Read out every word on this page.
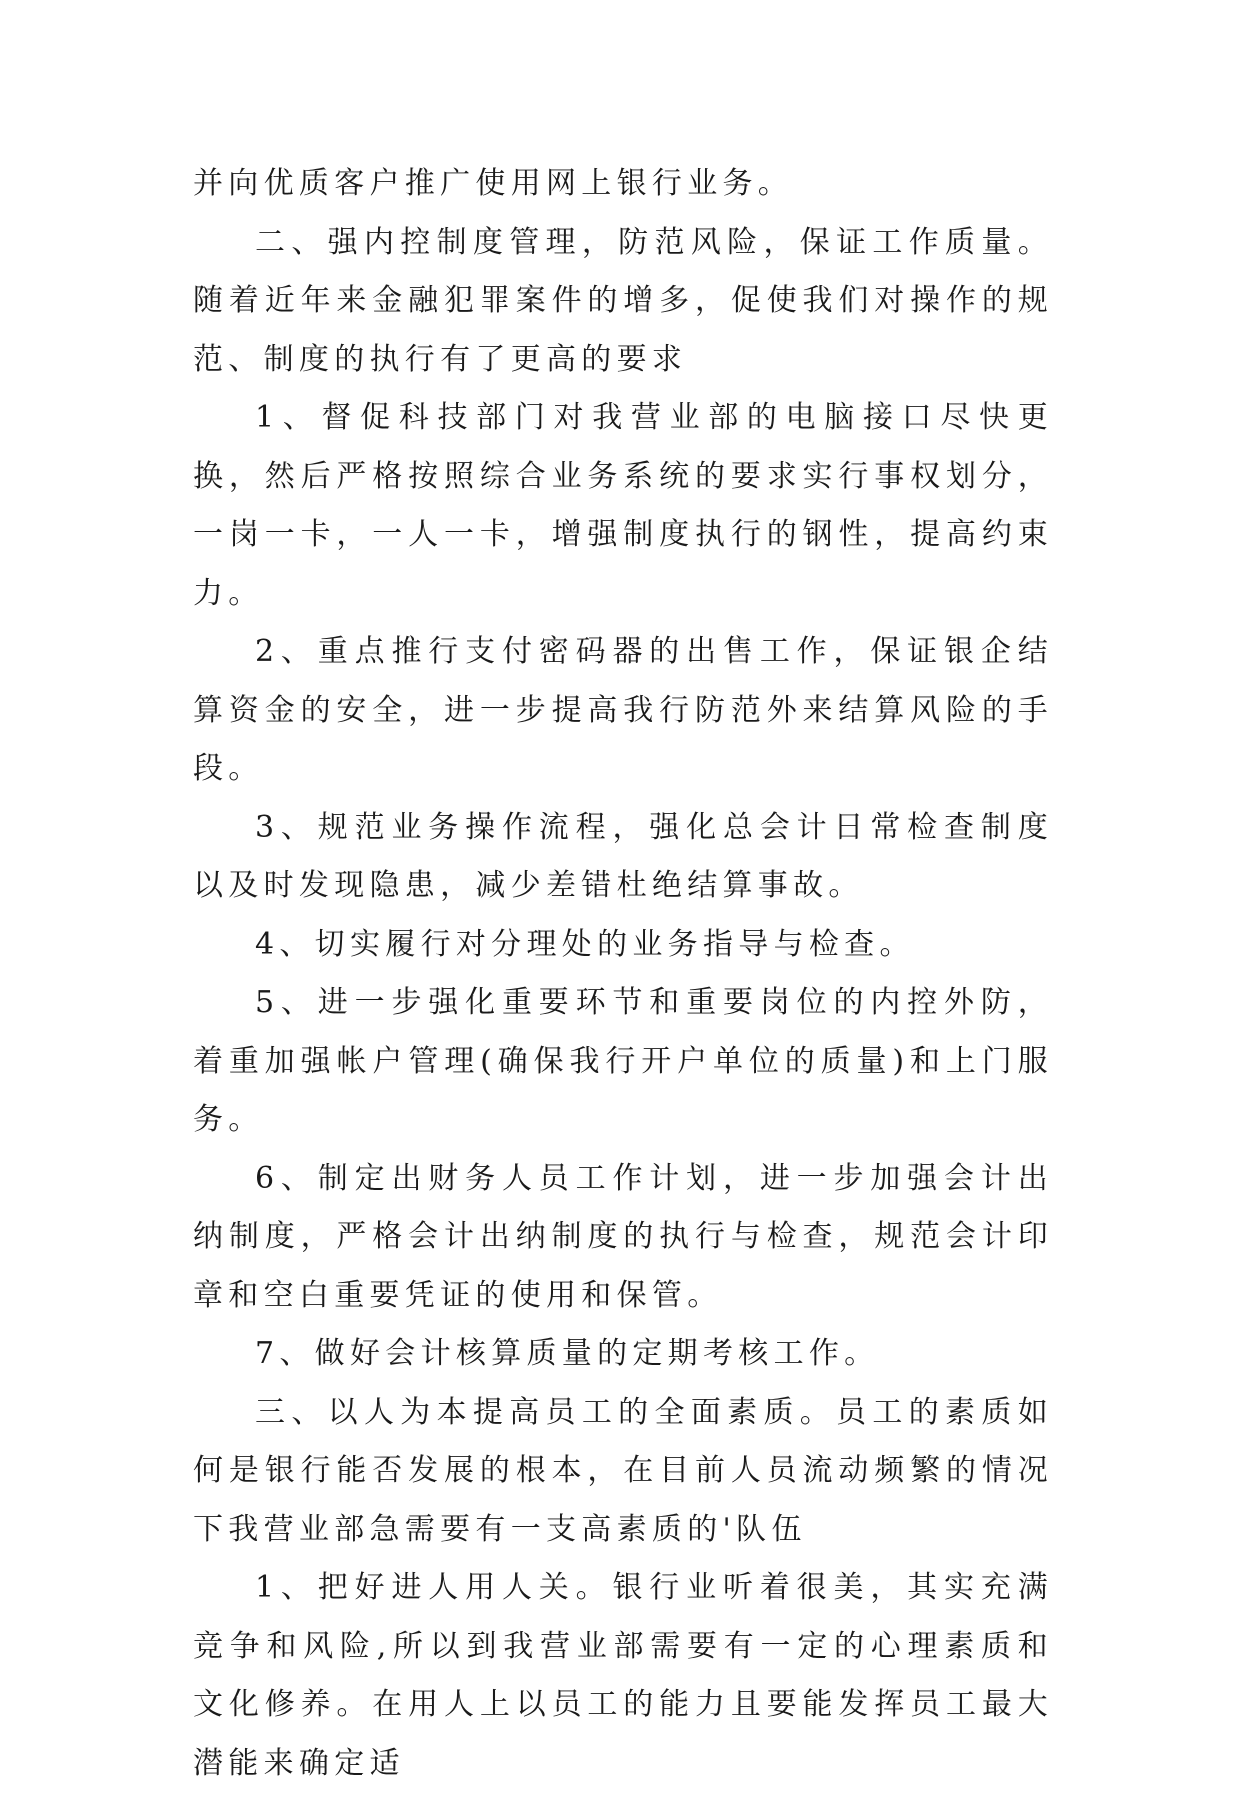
并向优质客户推广使用网上银行业务。

二、强内控制度管理，防范风险，保证工作质量。随着近年来金融犯罪案件的增多，促使我们对操作的规范、制度的执行有了更高的要求

1、督促科技部门对我营业部的电脑接口尽快更换，然后严格按照综合业务系统的要求实行事权划分，一岗一卡，一人一卡，增强制度执行的钢性，提高约束力。

2、重点推行支付密码器的出售工作，保证银企结算资金的安全，进一步提高我行防范外来结算风险的手段。

3、规范业务操作流程，强化总会计日常检查制度以及时发现隐患，减少差错杜绝结算事故。

4、切实履行对分理处的业务指导与检查。

5、进一步强化重要环节和重要岗位的内控外防，着重加强帐户管理(确保我行开户单位的质量)和上门服务。

6、制定出财务人员工作计划，进一步加强会计出纳制度，严格会计出纳制度的执行与检查，规范会计印章和空白重要凭证的使用和保管。

7、做好会计核算质量的定期考核工作。

三、以人为本提高员工的全面素质。员工的素质如何是银行能否发展的根本，在目前人员流动频繁的情况下我营业部急需要有一支高素质的'队伍

1、把好进人用人关。银行业听着很美，其实充满竞争和风险,所以到我营业部需要有一定的心理素质和文化修养。在用人上以员工的能力且要能发挥员工最大潜能来确定适
